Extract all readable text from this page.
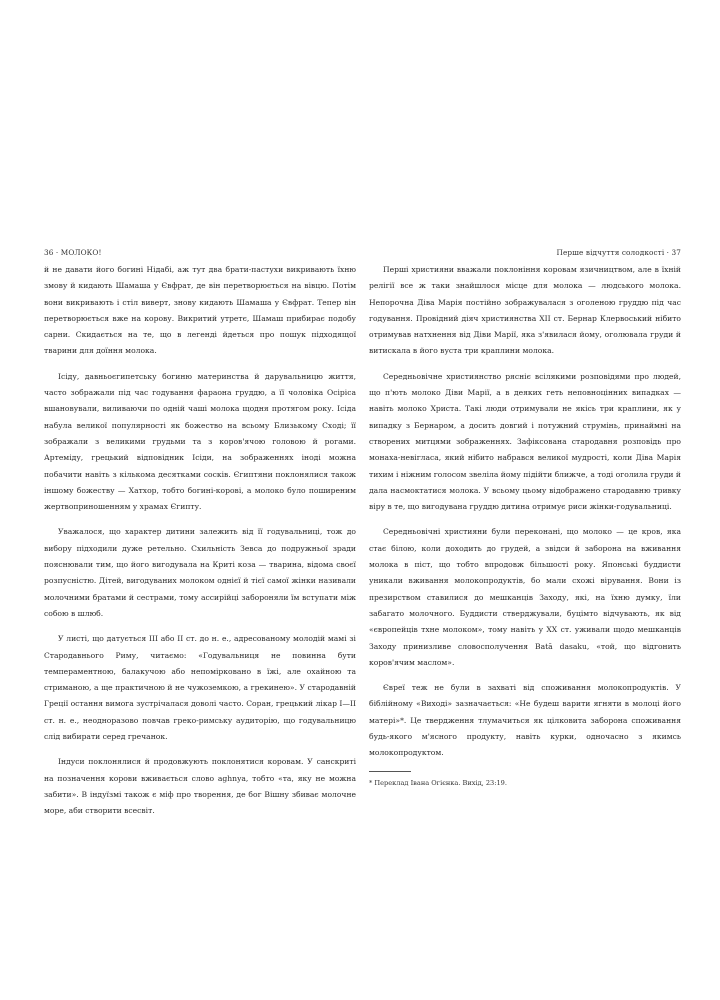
36 · МОЛОКО!

й не давати його богині Нідабі, аж тут два брати-пастухи викривають їхню змову й кидають Шамаша у Євфрат, де він перетворюється на вівцю. Потім вони викривають і стіл виверт, знову кидають Шамаша у Євфрат. Тепер він перетворюється вже на корову. Викритий утретє, Шамаш прибирає подобу сарни. Скидається на те, що в легенді йдеться про пошук підходящої тварини для доїння молока.

Ісіду, давньоєгипетську богиню материнства й дарувальницю життя, часто зображали під час годування фараона груддю, а її чоловіка Осіріса вшановували, виливаючи по одній чаші молока щодня протягом року. Ісіда набула великої популярності як божество на всьому Близькому Сході; її зображали з великими грудьми та з коров'ячою головою й рогами. Артеміду, грецький відповідник Ісіди, на зображеннях іноді можна побачити навіть з кількома десятками сосків. Єгиптяни поклонялися також іншому божеству — Хатхор, тобто богині-корові, а молоко було поширеним жертвоприношенням у храмах Єгипту.

Уважалося, що характер дитини залежить від її годувальниці, тож до вибору підходили дуже ретельно. Схильність Зевса до подружньої зради пояснювали тим, що його вигодувала на Криті коза — тварина, відома своєї розпусністю. Дітей, вигодуваних молоком однієї й тієї самої жінки називали молочними братами й сестрами, тому ассирійці забороняли їм вступати між собою в шлюб.

У листі, що датується III або II ст. до н. е., адресованому молодій мамі зі Стародавнього Риму, читаємо: «Годувальниця не повинна бути темпераментною, балакучою або непомірковано в їжі, але охайною та стриманою, а ще практичною й не чужоземкою, а грекинею». У стародавній Греції остання вимога зустрічалася доволі часто. Соран, грецький лікар I—II ст. н. е., неодноразово повчав греко-римську аудиторію, що годувальницю слід вибирати серед гречанок.

Індуси поклонялися й продовжують поклонятися коровам. У санскриті на позначення корови вживається слово aghnya, тобто «та, яку не можна забити». В індуїзмі також є міф про творення, де бог Вішну збиває молочне море, аби створити всесвіт.

Перше відчуття солодкості · 37

Перші християни вважали поклоніння коровам язичництвом, але в їхній релігії все ж таки знайшлося місце для молока — людського молока. Непорочна Діва Марія постійно зображувалася з оголеною груддю під час годування. Провідний діяч християнства XII ст. Бернар Клервоський нібито отримував натхнення від Діви Марії, яка з'явилася йому, оголювала груди й витискала в його вуста три краплини молока.

Середньовічне християнство рясніє всілякими розповідями про людей, що п'ють молоко Діви Марії, а в деяких геть неповноцінних випадках — навіть молоко Христа. Такі люди отримували не якісь три краплини, як у випадку з Бернаром, а досить довгий і потужний струмінь, принаймні на створених митцями зображеннях. Зафіксована стародавня розповідь про монаха-невігласа, який нібито набрався великої мудрості, коли Діва Марія тихим і ніжним голосом звеліла йому підійти ближче, а тоді оголила груди й дала насмоктатися молока. У всьому цьому відображено стародавню тривку віру в те, що вигодувана груддю дитина отримує риси жінки-годувальниці.

Середньовічні християни були переконані, що молоко — це кров, яка стає білою, коли доходить до грудей, а звідси й заборона на вживання молока в піст, що тобто впродовж більшості року. Японські буддисти уникали вживання молокопродуктів, бо мали схожі вірування. Вони із презирством ставилися до мешканців Заходу, які, на їхню думку, їли забагато молочного. Буддисти стверджували, буцімто відчувають, як від «європейців тхне молоком», тому навіть у XX ст. уживали щодо мешканців Заходу принизливе словосполучення Batā dasaku, «той, що відгонить коров'ячим маслом».

Євреї теж не були в захваті від споживання молокопродуктів. У біблійному «Виході» зазначається: «Не будеш варити ягняти в молоці його матері»*. Це твердження тлумачиться як цілковита заборона споживання будь-якого м'ясного продукту, навіть курки, одночасно з якимсь молокопродуктом.

* Переклад Івана Огієнка. Вихід, 23:19.
